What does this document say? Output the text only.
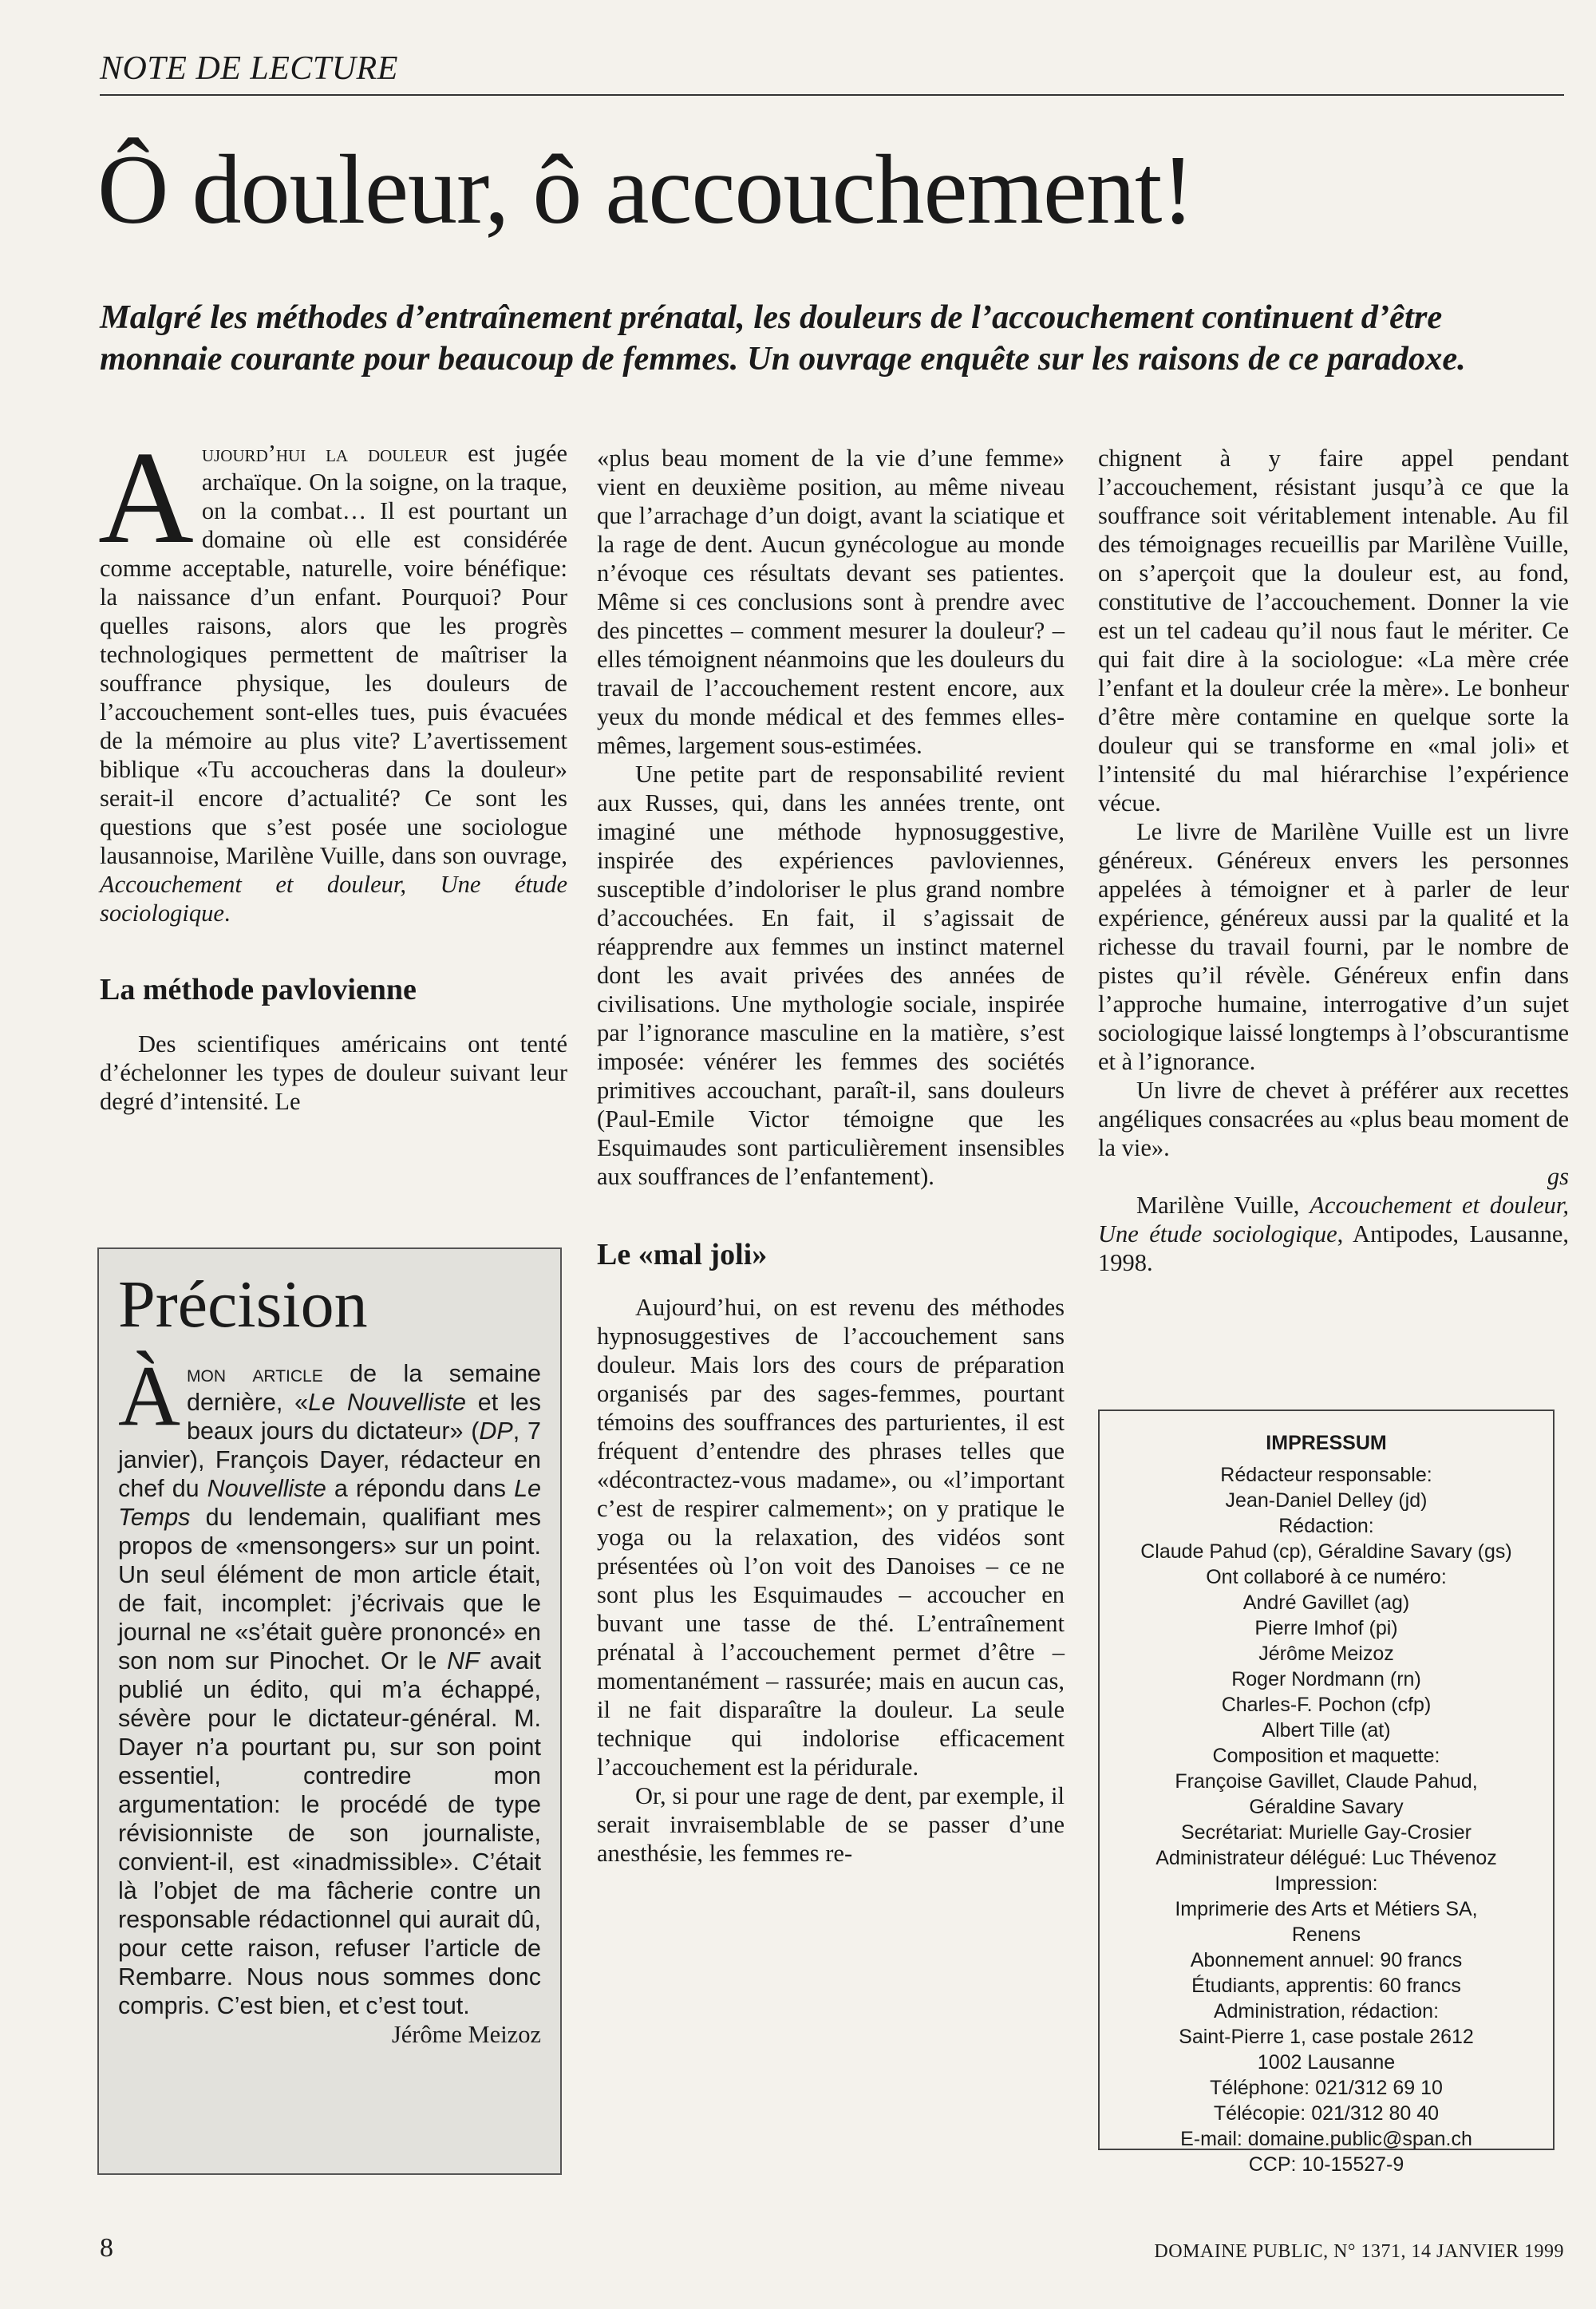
NOTE DE LECTURE
Ô douleur, ô accouchement!

Malgré les méthodes d’entraînement prénatal, les douleurs de l’accouchement continuent d’être monnaie courante pour beaucoup de femmes. Un ouvrage enquête sur les raisons de ce paradoxe.

Aujourd’hui la douleur est jugée archaïque. On la soigne, on la traque, on la combat… Il est pourtant un domaine où elle est considérée comme acceptable, naturelle, voire bénéfique: la naissance d’un enfant. Pourquoi? Pour quelles raisons, alors que les progrès technologiques permettent de maîtriser la souffrance physique, les douleurs de l’accouchement sont-elles tues, puis évacuées de la mémoire au plus vite? L’avertissement biblique «Tu accoucheras dans la douleur» serait-il encore d’actualité? Ce sont les questions que s’est posée une sociologue lausannoise, Marilène Vuille, dans son ouvrage, Accouchement et douleur, Une étude sociologique.

La méthode pavlovienne

Des scientifiques américains ont tenté d’échelonner les types de douleur suivant leur degré d’intensité. Le

Précision

Àmon article de la semaine dernière, «Le Nouvelliste et les beaux jours du dictateur» (DP, 7 janvier), François Dayer, rédacteur en chef du Nouvelliste a répondu dans Le Temps du lendemain, qualifiant mes propos de «mensongers» sur un point. Un seul élément de mon article était, de fait, incomplet: j’écrivais que le journal ne «s’était guère prononcé» en son nom sur Pinochet. Or le NF avait publié un édito, qui m’a échappé, sévère pour le dictateur-général. M. Dayer n’a pourtant pu, sur son point essentiel, contredire mon argumentation: le procédé de type révisionniste de son journaliste, convient-il, est «inadmissible». C’était là l’objet de ma fâcherie contre un responsable rédactionnel qui aurait dû, pour cette raison, refuser l’article de Rembarre. Nous nous sommes donc compris. C’est bien, et c’est tout.

Jérôme Meizoz

«plus beau moment de la vie d’une femme» vient en deuxième position, au même niveau que l’arrachage d’un doigt, avant la sciatique et la rage de dent. Aucun gynécologue au monde n’évoque ces résultats devant ses patientes. Même si ces conclusions sont à prendre avec des pincettes – comment mesurer la douleur? – elles témoignent néanmoins que les douleurs du travail de l’accouchement restent encore, aux yeux du monde médical et des femmes elles-mêmes, largement sous-estimées.

Une petite part de responsabilité revient aux Russes, qui, dans les années trente, ont imaginé une méthode hypnosuggestive, inspirée des expériences pavloviennes, susceptible d’indoloriser le plus grand nombre d’accouchées. En fait, il s’agissait de réapprendre aux femmes un instinct maternel dont les avait privées des années de civilisations. Une mythologie sociale, inspirée par l’ignorance masculine en la matière, s’est imposée: vénérer les femmes des sociétés primitives accouchant, paraît-il, sans douleurs (Paul-Emile Victor témoigne que les Esquimaudes sont particulièrement insensibles aux souffrances de l’enfantement).

Le «mal joli»

Aujourd’hui, on est revenu des méthodes hypnosuggestives de l’accouchement sans douleur. Mais lors des cours de préparation organisés par des sages-femmes, pourtant témoins des souffrances des parturientes, il est fréquent d’entendre des phrases telles que «décontractez-vous madame», ou «l’important c’est de respirer calmement»; on y pratique le yoga ou la relaxation, des vidéos sont présentées où l’on voit des Danoises – ce ne sont plus les Esquimaudes – accoucher en buvant une tasse de thé. L’entraînement prénatal à l’accouchement permet d’être – momentanément – rassurée; mais en aucun cas, il ne fait disparaître la douleur. La seule technique qui indolorise efficacement l’accouchement est la péridurale.

Or, si pour une rage de dent, par exemple, il serait invraisemblable de se passer d’une anesthésie, les femmes re-

chignent à y faire appel pendant l’accouchement, résistant jusqu’à ce que la souffrance soit véritablement intenable. Au fil des témoignages recueillis par Marilène Vuille, on s’aperçoit que la douleur est, au fond, constitutive de l’accouchement. Donner la vie est un tel cadeau qu’il nous faut le mériter. Ce qui fait dire à la sociologue: «La mère crée l’enfant et la douleur crée la mère». Le bonheur d’être mère contamine en quelque sorte la douleur qui se transforme en «mal joli» et l’intensité du mal hiérarchise l’expérience vécue.

Le livre de Marilène Vuille est un livre généreux. Généreux envers les personnes appelées à témoigner et à parler de leur expérience, généreux aussi par la qualité et la richesse du travail fourni, par le nombre de pistes qu’il révèle. Généreux enfin dans l’approche humaine, interrogative d’un sujet sociologique laissé longtemps à l’obscurantisme et à l’ignorance.

Un livre de chevet à préférer aux recettes angéliques consacrées au «plus beau moment de la vie».
gs

Marilène Vuille, Accouchement et douleur, Une étude sociologique, Antipodes, Lausanne, 1998.

IMPRESSUM
Rédacteur responsable:
Jean-Daniel Delley (jd)
Rédaction:
Claude Pahud (cp), Géraldine Savary (gs)
Ont collaboré à ce numéro:
André Gavillet (ag)
Pierre Imhof (pi)
Jérôme Meizoz
Roger Nordmann (rn)
Charles-F. Pochon (cfp)
Albert Tille (at)
Composition et maquette:
Françoise Gavillet, Claude Pahud,
Géraldine Savary
Secrétariat: Murielle Gay-Crosier
Administrateur délégué: Luc Thévenoz
Impression:
Imprimerie des Arts et Métiers SA,
Renens
Abonnement annuel: 90 francs
Étudiants, apprentis: 60 francs
Administration, rédaction:
Saint-Pierre 1, case postale 2612
1002 Lausanne
Téléphone: 021/312 69 10
Télécopie: 021/312 80 40
E-mail: domaine.public@span.ch
CCP: 10-15527-9
8	DOMAINE PUBLIC, N° 1371, 14 JANVIER 1999
